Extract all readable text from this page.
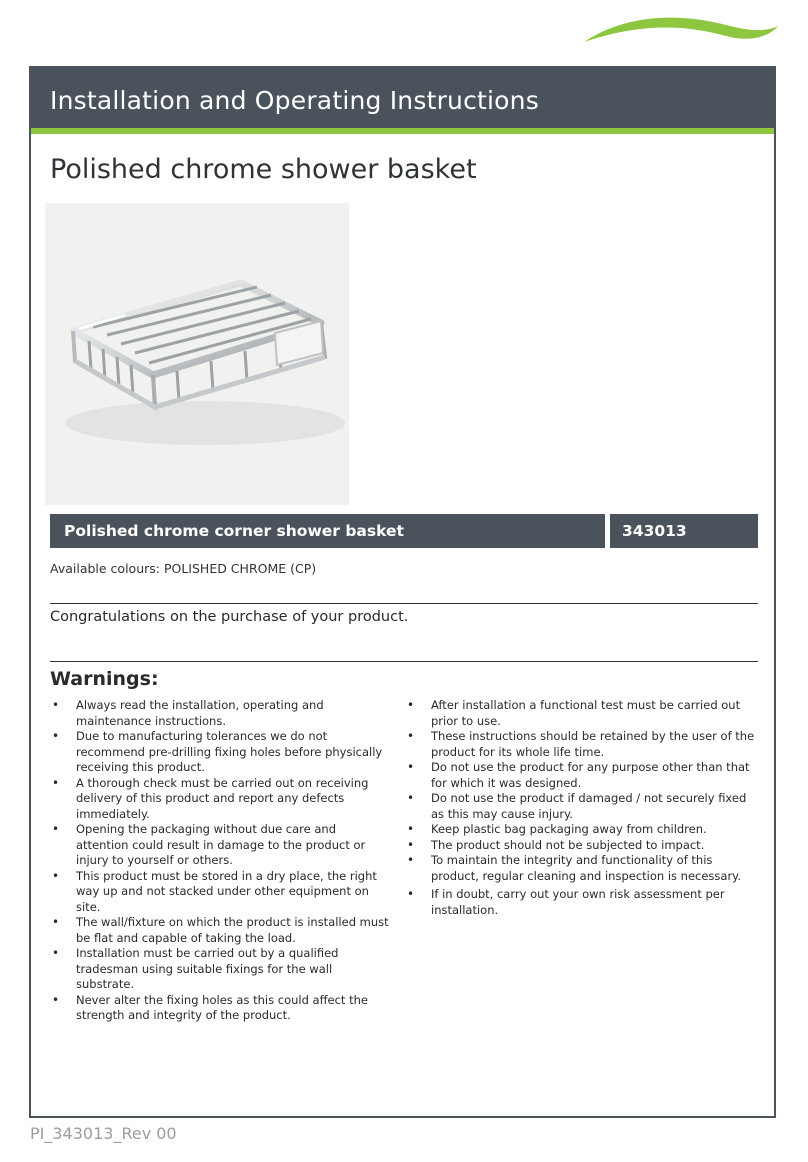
Installation and Operating Instructions
Polished chrome shower basket
Polished chrome corner shower basket	343013
Available colours: POLISHED CHROME (CP)
Congratulations on the purchase of your product.
Warnings:
• Always read the installation, operating and maintenance instructions.
• Due to manufacturing tolerances we do not recommend pre-drilling fixing holes before physically receiving this product.
• A thorough check must be carried out on receiving delivery of this product and report any defects immediately.
• Opening the packaging without due care and attention could result in damage to the product or injury to yourself or others.
• This product must be stored in a dry place, the right way up and not stacked under other equipment on site.
• The wall/fixture on which the product is installed must be flat and capable of taking the load.
• Installation must be carried out by a qualified tradesman using suitable fixings for the wall substrate.
• Never alter the fixing holes as this could affect the strength and integrity of the product.
• After installation a functional test must be carried out prior to use.
• These instructions should be retained by the user of the product for its whole life time.
• Do not use the product for any purpose other than that for which it was designed.
• Do not use the product if damaged / not securely fixed as this may cause injury.
• Keep plastic bag packaging away from children.
• The product should not be subjected to impact.
• To maintain the integrity and functionality of this product, regular cleaning and inspection is necessary.
• If in doubt, carry out your own risk assessment per installation.
PI_343013_Rev 00
